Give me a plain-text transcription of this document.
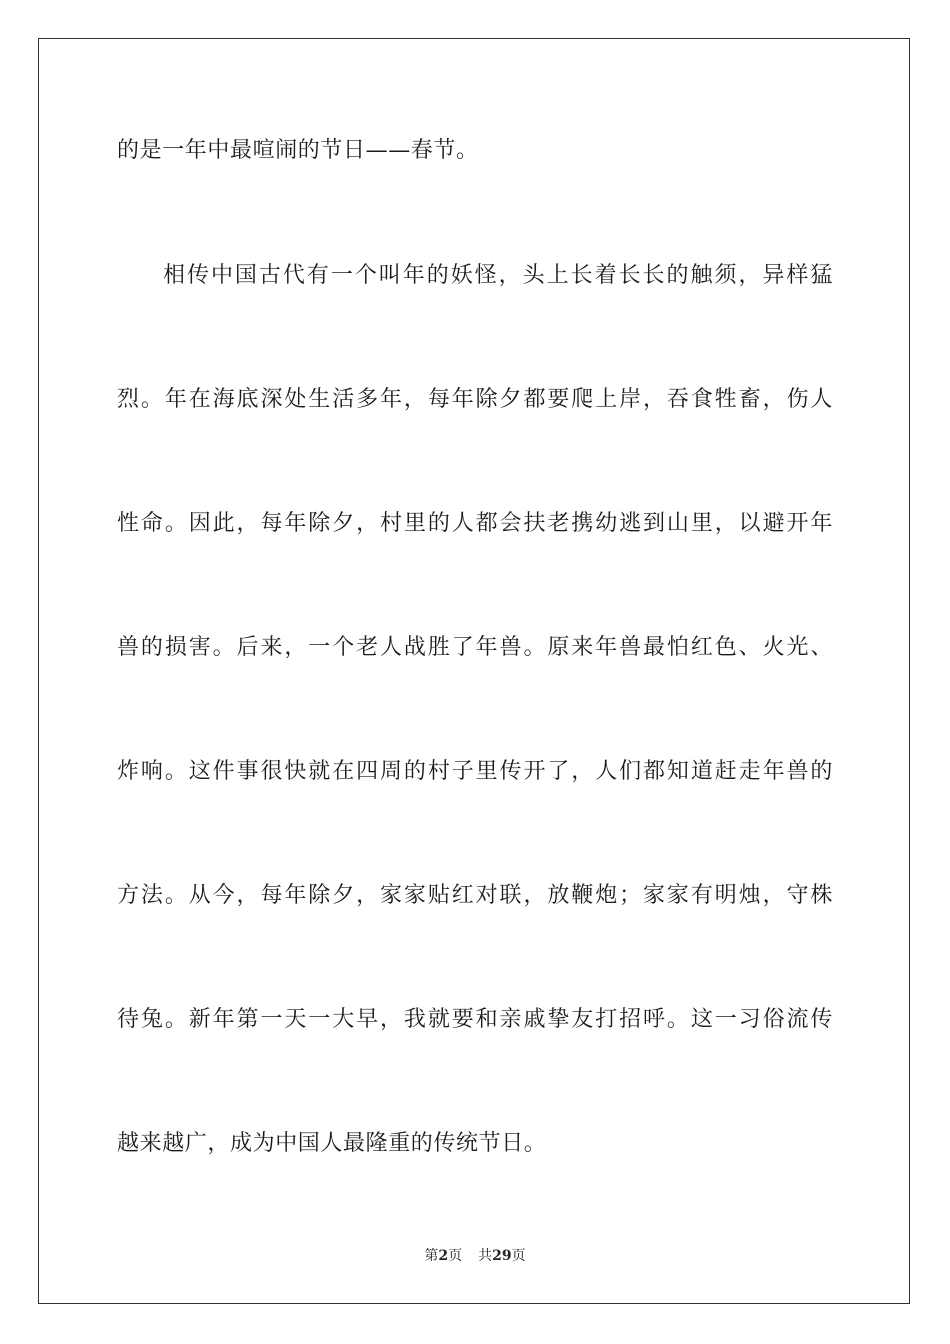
的是一年中最喧闹的节日——春节。
相传中国古代有一个叫年的妖怪，头上长着长长的触须，异样猛
烈。年在海底深处生活多年，每年除夕都要爬上岸，吞食牲畜，伤人
性命。因此，每年除夕，村里的人都会扶老携幼逃到山里，以避开年
兽的损害。后来，一个老人战胜了年兽。原来年兽最怕红色、火光、
炸响。这件事很快就在四周的村子里传开了，人们都知道赶走年兽的
方法。从今，每年除夕，家家贴红对联，放鞭炮；家家有明烛，守株
待兔。新年第一天一大早，我就要和亲戚挚友打招呼。这一习俗流传
越来越广，成为中国人最隆重的传统节日。
第2页 共29页
